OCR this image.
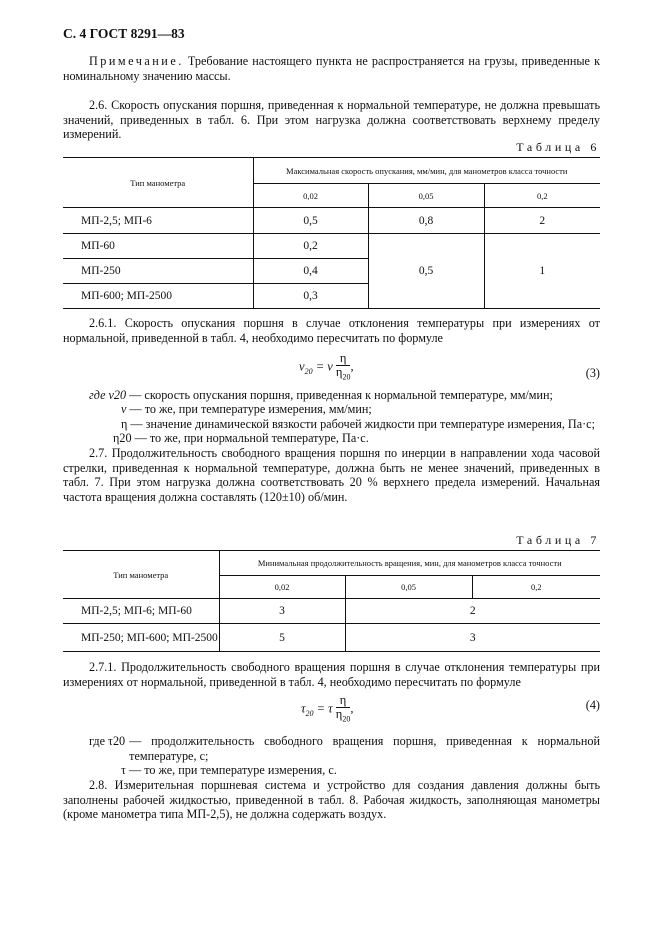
С. 4 ГОСТ 8291—83

Примечание. Требование настоящего пункта не распространяется на грузы, приведенные к номинальному значению массы.

2.6. Скорость опускания поршня, приведенная к нормальной температуре, не должна превышать значений, приведенных в табл. 6. При этом нагрузка должна соответствовать верхнему пределу измерений.

Таблица 6
Тип манометра	Максимальная скорость опускания, мм/мин, для манометров класса точности		
	0,02	0,05	0,2
МП-2,5; МП-6	0,5	0,8	2
МП-60	0,2	0,5	1
МП-250	0,4		
МП-600; МП-2500	0,3		

2.6.1. Скорость опускания поршня в случае отклонения температуры при измерениях от нормальной, приведенной в табл. 4, необходимо пересчитать по формуле

$v_{20} = v \frac{\eta}{\eta_{20}}$ ,	(3)
где v20 — скорость опускания поршня, приведенная к нормальной температуре, мм/мин;
v — то же, при температуре измерения, мм/мин;
η — значение динамической вязкости рабочей жидкости при температуре измерения, Па·с;
η20 — то же, при нормальной температуре, Па·с.

2.7. Продолжительность свободного вращения поршня по инерции в направлении хода часовой стрелки, приведенная к нормальной температуре, должна быть не менее значений, приведенных в табл. 7. При этом нагрузка должна соответствовать 20 % верхнего предела измерений. Начальная частота вращения должна составлять (120±10) об/мин.

Таблица 7
Тип манометра	Минимальная продолжительность вращения, мин, для манометров класса точности		
	0,02	0,05	0,2
МП-2,5; МП-6; МП-60	3	2	
МП-250; МП-600; МП-2500	5	3	

2.7.1. Продолжительность свободного вращения поршня в случае отклонения температуры при измерениях от нормальной, приведенной в табл. 4, необходимо пересчитать по формуле

$\tau_{20} = \tau \frac{\eta}{\eta_{20}}$ ,	(4)
где τ20 — продолжительность свободного вращения поршня, приведенная к нормальной температуре, с;
τ — то же, при температуре измерения, с.

2.8. Измерительная поршневая система и устройство для создания давления должны быть заполнены рабочей жидкостью, приведенной в табл. 8. Рабочая жидкость, заполняющая манометры (кроме манометра типа МП-2,5), не должна содержать воздух.
